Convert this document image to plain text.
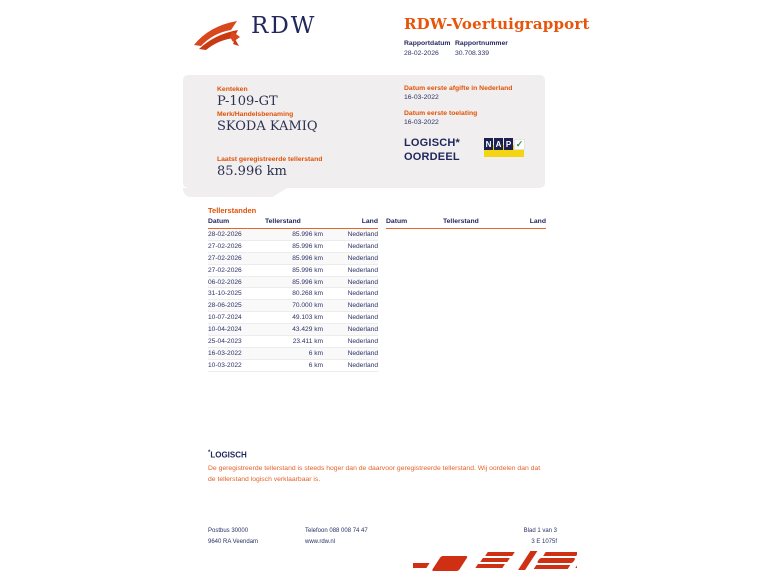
RDW	RDW-Voertuigrapport
Rapportdatum Rapportnummer
28-02-2026	30.708.339
Kenteken
P-109-GT
Merk/Handelsbenaming
SKODA KAMIQ
Laatst geregistreerde tellerstand
85.996 km
Datum eerste afgifte in Nederland
16-03-2022
Datum eerste toelating
16-03-2022
LOGISCH*
OORDEEL
N A P ✓
Tellerstanden
Datum	Tellerstand	Land
28-02-2026	85.996 km	Nederland
27-02-2026	85.996 km	Nederland
27-02-2026	85.996 km	Nederland
27-02-2026	85.996 km	Nederland
06-02-2026	85.996 km	Nederland
31-10-2025	80.268 km	Nederland
28-06-2025	70.000 km	Nederland
10-07-2024	49.103 km	Nederland
10-04-2024	43.429 km	Nederland
25-04-2023	23.411 km	Nederland
16-03-2022	6 km	Nederland
10-03-2022	6 km	Nederland
Datum	Tellerstand	Land
*LOGISCH
De geregistreerde tellerstand is steeds hoger dan de daarvoor geregistreerde tellerstand. Wij oordelen dan dat de tellerstand logisch verklaarbaar is.
Postbus 30000
9640 RA Veendam
Telefoon 088 008 74 47
www.rdw.nl
Blad 1 van 3
3 E 1075f
